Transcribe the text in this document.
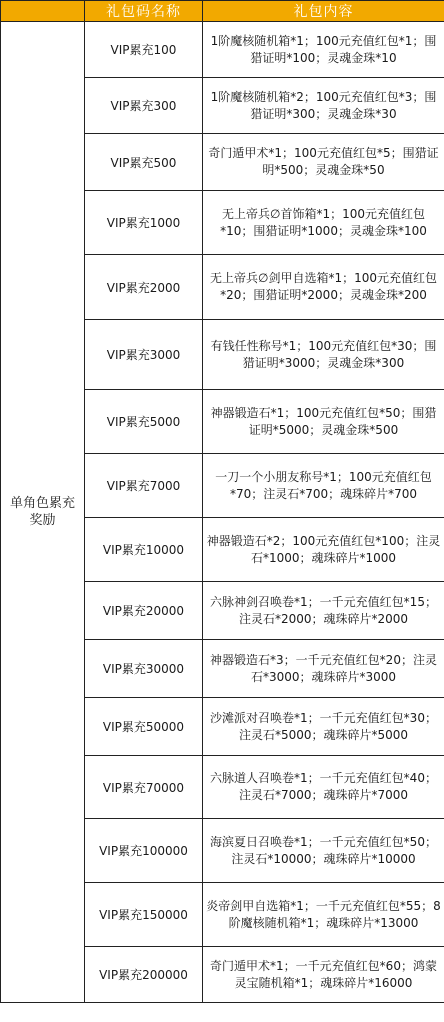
	礼包码名称	礼包内容
单角色累充奖励	VIP累充100	1阶魔核随机箱*1；100元充值红包*1；围猎证明*100；灵魂金珠*10
	VIP累充300	1阶魔核随机箱*2；100元充值红包*3；围猎证明*300；灵魂金珠*30
	VIP累充500	奇门遁甲术*1；100元充值红包*5；围猎证明*500；灵魂金珠*50
	VIP累充1000	无上帝兵∅首饰箱*1；100元充值红包*10；围猎证明*1000；灵魂金珠*100
	VIP累充2000	无上帝兵∅剑甲自选箱*1；100元充值红包*20；围猎证明*2000；灵魂金珠*200
	VIP累充3000	有钱任性称号*1；100元充值红包*30；围猎证明*3000；灵魂金珠*300
	VIP累充5000	神器锻造石*1；100元充值红包*50；围猎证明*5000；灵魂金珠*500
	VIP累充7000	一刀一个小朋友称号*1；100元充值红包*70；注灵石*700；魂珠碎片*700
	VIP累充10000	神器锻造石*2；100元充值红包*100；注灵石*1000；魂珠碎片*1000
	VIP累充20000	六脉神剑召唤卷*1；一千元充值红包*15；注灵石*2000；魂珠碎片*2000
	VIP累充30000	神器锻造石*3；一千元充值红包*20；注灵石*3000；魂珠碎片*3000
	VIP累充50000	沙滩派对召唤卷*1；一千元充值红包*30；注灵石*5000；魂珠碎片*5000
	VIP累充70000	六脉道人召唤卷*1；一千元充值红包*40；注灵石*7000；魂珠碎片*7000
	VIP累充100000	海滨夏日召唤卷*1；一千元充值红包*50；注灵石*10000；魂珠碎片*10000
	VIP累充150000	炎帝剑甲自选箱*1；一千元充值红包*55；8阶魔核随机箱*1；魂珠碎片*13000
	VIP累充200000	奇门遁甲术*1；一千元充值红包*60；鸿蒙灵宝随机箱*1；魂珠碎片*16000
